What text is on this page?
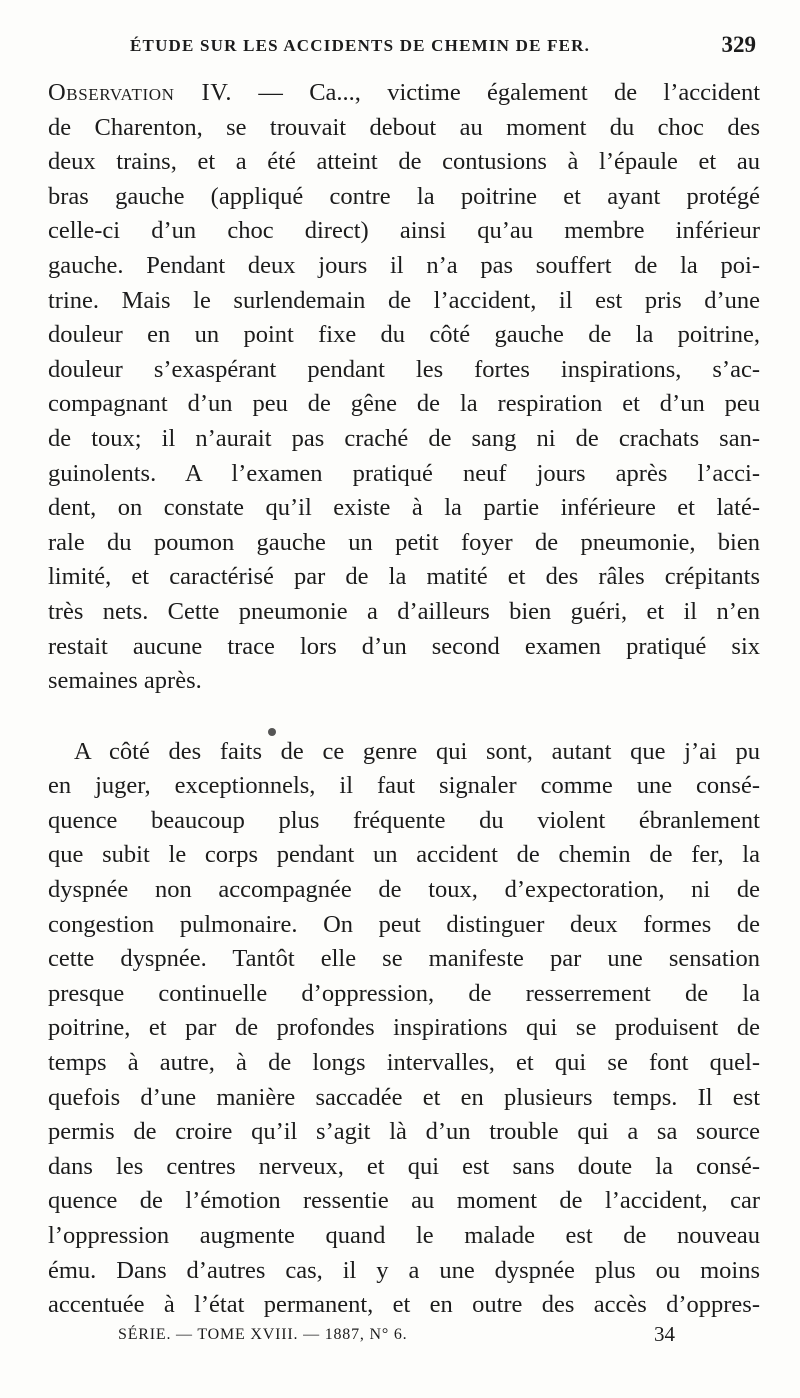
ÉTUDE SUR LES ACCIDENTS DE CHEMIN DE FER.	329
Observation IV. — Ca..., victime également de l’accident
de Charenton, se trouvait debout au moment du choc des
deux trains, et a été atteint de contusions à l’épaule et au
bras gauche (appliqué contre la poitrine et ayant protégé
celle-ci d’un choc direct) ainsi qu’au membre inférieur
gauche. Pendant deux jours il n’a pas souffert de la poi-
trine. Mais le surlendemain de l’accident, il est pris d’une
douleur en un point fixe du côté gauche de la poitrine,
douleur s’exaspérant pendant les fortes inspirations, s’ac-
compagnant d’un peu de gêne de la respiration et d’un peu
de toux; il n’aurait pas craché de sang ni de crachats san-
guinolents. A l’examen pratiqué neuf jours après l’acci-
dent, on constate qu’il existe à la partie inférieure et laté-
rale du poumon gauche un petit foyer de pneumonie, bien
limité, et caractérisé par de la matité et des râles crépitants
très nets. Cette pneumonie a d’ailleurs bien guéri, et il n’en
restait aucune trace lors d’un second examen pratiqué six
semaines après.
A côté des faits de ce genre qui sont, autant que j’ai pu
en juger, exceptionnels, il faut signaler comme une consé-
quence beaucoup plus fréquente du violent ébranlement
que subit le corps pendant un accident de chemin de fer, la
dyspnée non accompagnée de toux, d’expectoration, ni de
congestion pulmonaire. On peut distinguer deux formes de
cette dyspnée. Tantôt elle se manifeste par une sensation
presque continuelle d’oppression, de resserrement de la
poitrine, et par de profondes inspirations qui se produisent de
temps à autre, à de longs intervalles, et qui se font quel-
quefois d’une manière saccadée et en plusieurs temps. Il est
permis de croire qu’il s’agit là d’un trouble qui a sa source
dans les centres nerveux, et qui est sans doute la consé-
quence de l’émotion ressentie au moment de l’accident, car
l’oppression augmente quand le malade est de nouveau
ému. Dans d’autres cas, il y a une dyspnée plus ou moins
accentuée à l’état permanent, et en outre des accès d’oppres-
SÉRIE. — TOME XVIII. — 1887, N° 6.	34
